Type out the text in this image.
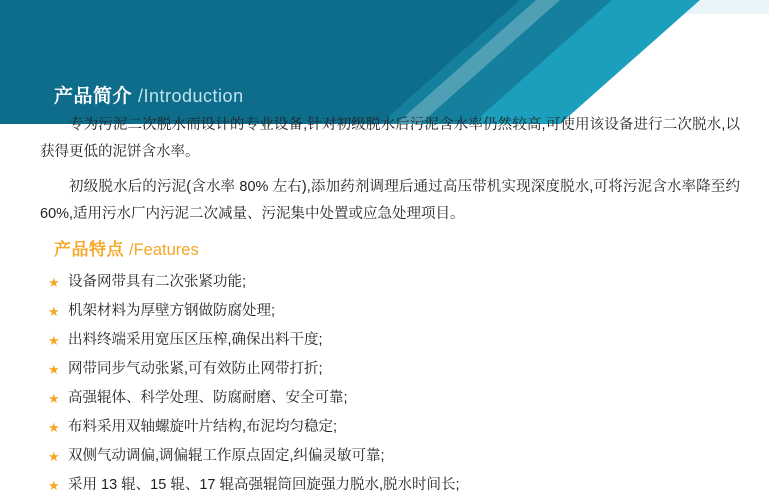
产品简介 /Introduction

专为污泥二次脱水而设计的专业设备,针对初级脱水后污泥含水率仍然较高,可使用该设备进行二次脱水,以获得更低的泥饼含水率。

初级脱水后的污泥(含水率 80% 左右),添加药剂调理后通过高压带机实现深度脱水,可将污泥含水率降至约 60%,适用污水厂内污泥二次减量、污泥集中处置或应急处理项目。

产品特点 /Features
★ 设备网带具有二次张紧功能;
★ 机架材料为厚壁方钢做防腐处理;
★ 出料终端采用宽压区压榨,确保出料干度;
★ 网带同步气动张紧,可有效防止网带打折;
★ 高强辊体、科学处理、防腐耐磨、安全可靠;
★ 布料采用双轴螺旋叶片结构,布泥均匀稳定;
★ 双侧气动调偏,调偏辊工作原点固定,纠偏灵敏可靠;
★ 采用 13 辊、15 辊、17 辊高强辊筒回旋强力脱水,脱水时间长;
